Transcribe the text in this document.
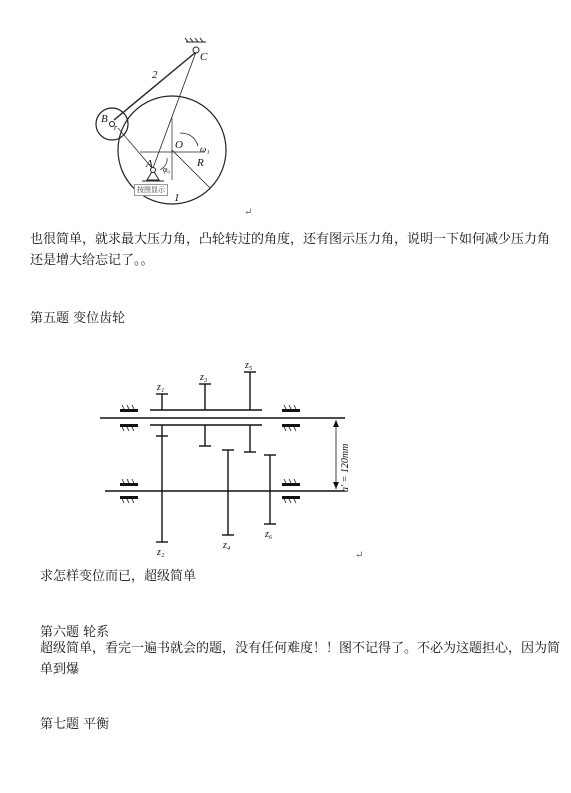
C
2
B
r
O ω₁
A φ₀
R
1
按图显示
↵
也很简单，就求最大压力角，凸轮转过的角度，还有图示压力角，说明一下如何减少压力角
还是增大给忘记了。。
第五题 变位齿轮
z₁
z₃
z₅
z₂
z₄
z₆
a′ = 120mm
↵
求怎样变位而已，超级简单
第六题 轮系
超级简单，看完一遍书就会的题，没有任何难度！！图不记得了。不必为这题担心，因为简
单到爆
第七题 平衡
